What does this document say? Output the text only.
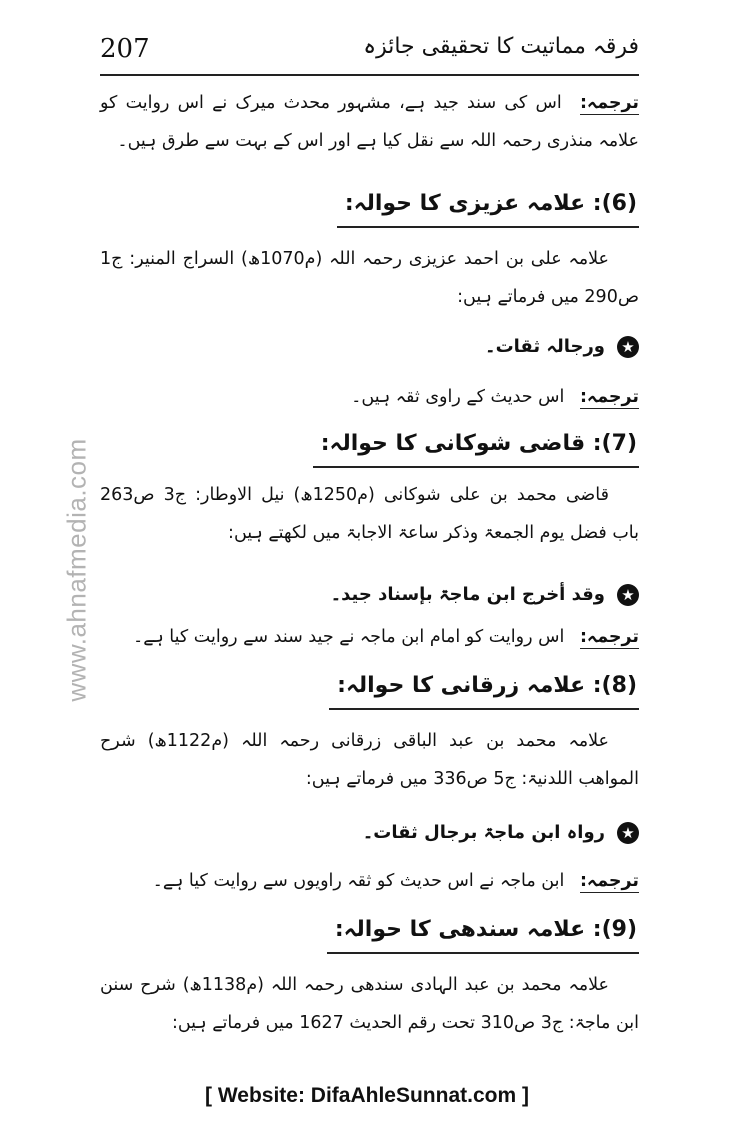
207	فرقہ مماتیت کا تحقیقی جائزہ
www.ahnafmedia.com
ترجمہ: اس کی سند جید ہے، مشہور محدث میرک نے اس روایت کو علامہ منذری رحمہ اللہ سے نقل کیا ہے اور اس کے بہت سے طرق ہیں۔
(6): علامہ عزیزی کا حوالہ:
علامہ علی بن احمد عزیزی رحمہ اللہ (م1070ھ) السراج المنیر: ج1 ص290 میں فرماتے ہیں:
★ورجالہ ثقات۔
ترجمہ: اس حدیث کے راوی ثقہ ہیں۔
(7): قاضی شوکانی کا حوالہ:
قاضی محمد بن علی شوکانی (م1250ھ) نیل الاوطار: ج3 ص263 باب فضل یوم الجمعۃ وذکر ساعۃ الاجابۃ میں لکھتے ہیں:
★وقد أخرج ابن ماجۃ بإسناد جید۔
ترجمہ: اس روایت کو امام ابن ماجہ نے جید سند سے روایت کیا ہے۔
(8): علامہ زرقانی کا حوالہ:
علامہ محمد بن عبد الباقی زرقانی رحمہ اللہ (م1122ھ) شرح المواھب اللدنیۃ: ج5 ص336 میں فرماتے ہیں:
★رواہ ابن ماجۃ برجال ثقات۔
ترجمہ: ابن ماجہ نے اس حدیث کو ثقہ راویوں سے روایت کیا ہے۔
(9): علامہ سندھی کا حوالہ:
علامہ محمد بن عبد الہادی سندھی رحمہ اللہ (م1138ھ) شرح سنن ابن ماجۃ: ج3 ص310 تحت رقم الحدیث 1627 میں فرماتے ہیں:
[ Website: DifaAhleSunnat.com ]
